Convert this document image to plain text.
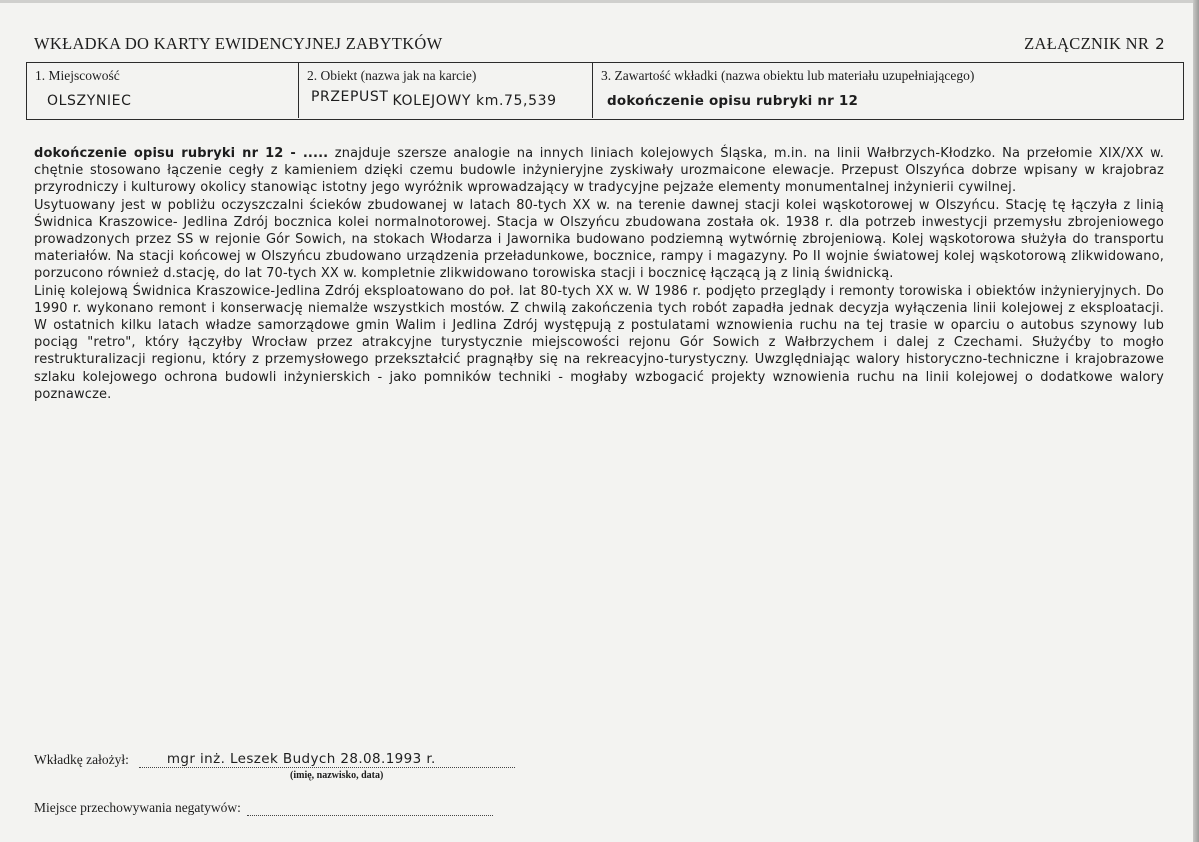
WKŁADKA DO KARTY EWIDENCYJNEJ ZABYTKÓW	ZAŁĄCZNIK NR 2
1. Miejscowość
OLSZYNIEC
2. Obiekt (nazwa jak na karcie)
PRZEPUST KOLEJOWY km.75,539
3. Zawartość wkładki (nazwa obiektu lub materiału uzupełniającego)
dokończenie opisu rubryki nr 12

dokończenie opisu rubryki nr 12 - ..... znajduje szersze analogie na innych liniach kolejowych Śląska, m.in. na linii Wałbrzych-Kłodzko. Na przełomie XIX/XX w. chętnie stosowano łączenie cegły z kamieniem dzięki czemu budowle inżynieryjne zyskiwały urozmaicone elewacje. Przepust Olszyńca dobrze wpisany w krajobraz przyrodniczy i kulturowy okolicy stanowiąc istotny jego wyróżnik wprowadzający w tradycyjne pejzaże elementy monumentalnej inżynierii cywilnej.

Usytuowany jest w pobliżu oczyszczalni ścieków zbudowanej w latach 80-tych XX w. na terenie dawnej stacji kolei wąskotorowej w Olszyńcu. Stację tę łączyła z linią Świdnica Kraszowice- Jedlina Zdrój bocznica kolei normalnotorowej. Stacja w Olszyńcu zbudowana została ok. 1938 r. dla potrzeb inwestycji przemysłu zbrojeniowego prowadzonych przez SS w rejonie Gór Sowich, na stokach Włodarza i Jawornika budowano podziemną wytwórnię zbrojeniową. Kolej wąskotorowa służyła do transportu materiałów. Na stacji końcowej w Olszyńcu zbudowano urządzenia przeładunkowe, bocznice, rampy i magazyny. Po II wojnie światowej kolej wąskotorową zlikwidowano, porzucono również d.stację, do lat 70-tych XX w. kompletnie zlikwidowano torowiska stacji i bocznicę łączącą ją z linią świdnicką.

Linię kolejową Świdnica Kraszowice-Jedlina Zdrój eksploatowano do poł. lat 80-tych XX w. W 1986 r. podjęto przeglądy i remonty torowiska i obiektów inżynieryjnych. Do 1990 r. wykonano remont i konserwację niemalże wszystkich mostów. Z chwilą zakończenia tych robót zapadła jednak decyzja wyłączenia linii kolejowej z eksploatacji. W ostatnich kilku latach władze samorządowe gmin Walim i Jedlina Zdrój występują z postulatami wznowienia ruchu na tej trasie w oparciu o autobus szynowy lub pociąg "retro", który łączyłby Wrocław przez atrakcyjne turystycznie miejscowości rejonu Gór Sowich z Wałbrzychem i dalej z Czechami. Służyćby to mogło restrukturalizacji regionu, który z przemysłowego przekształcić pragnąłby się na rekreacyjno-turystyczny. Uwzględniając walory historyczno-techniczne i krajobrazowe szlaku kolejowego ochrona budowli inżynierskich - jako pomników techniki - mogłaby wzbogacić projekty wznowienia ruchu na linii kolejowej o dodatkowe walory poznawcze.

Wkładkę założył:	mgr inż. Leszek Budych 28.08.1993 r.
(imię, nazwisko, data)
Miejsce przechowywania negatywów:
